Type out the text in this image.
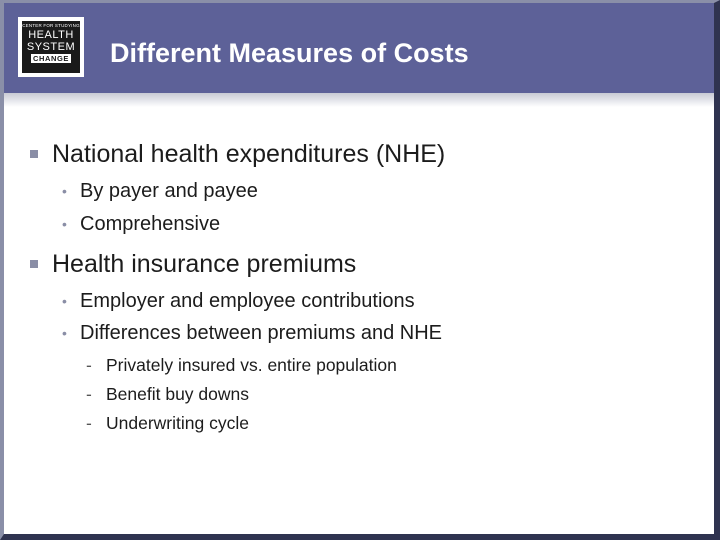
CENTER FOR STUDYING
HEALTH
SYSTEM
CHANGE Different Measures of Costs
National health expenditures (NHE)
• By payer and payee
• Comprehensive
Health insurance premiums
• Employer and employee contributions
• Differences between premiums and NHE
- Privately insured vs. entire population
- Benefit buy downs
- Underwriting cycle
